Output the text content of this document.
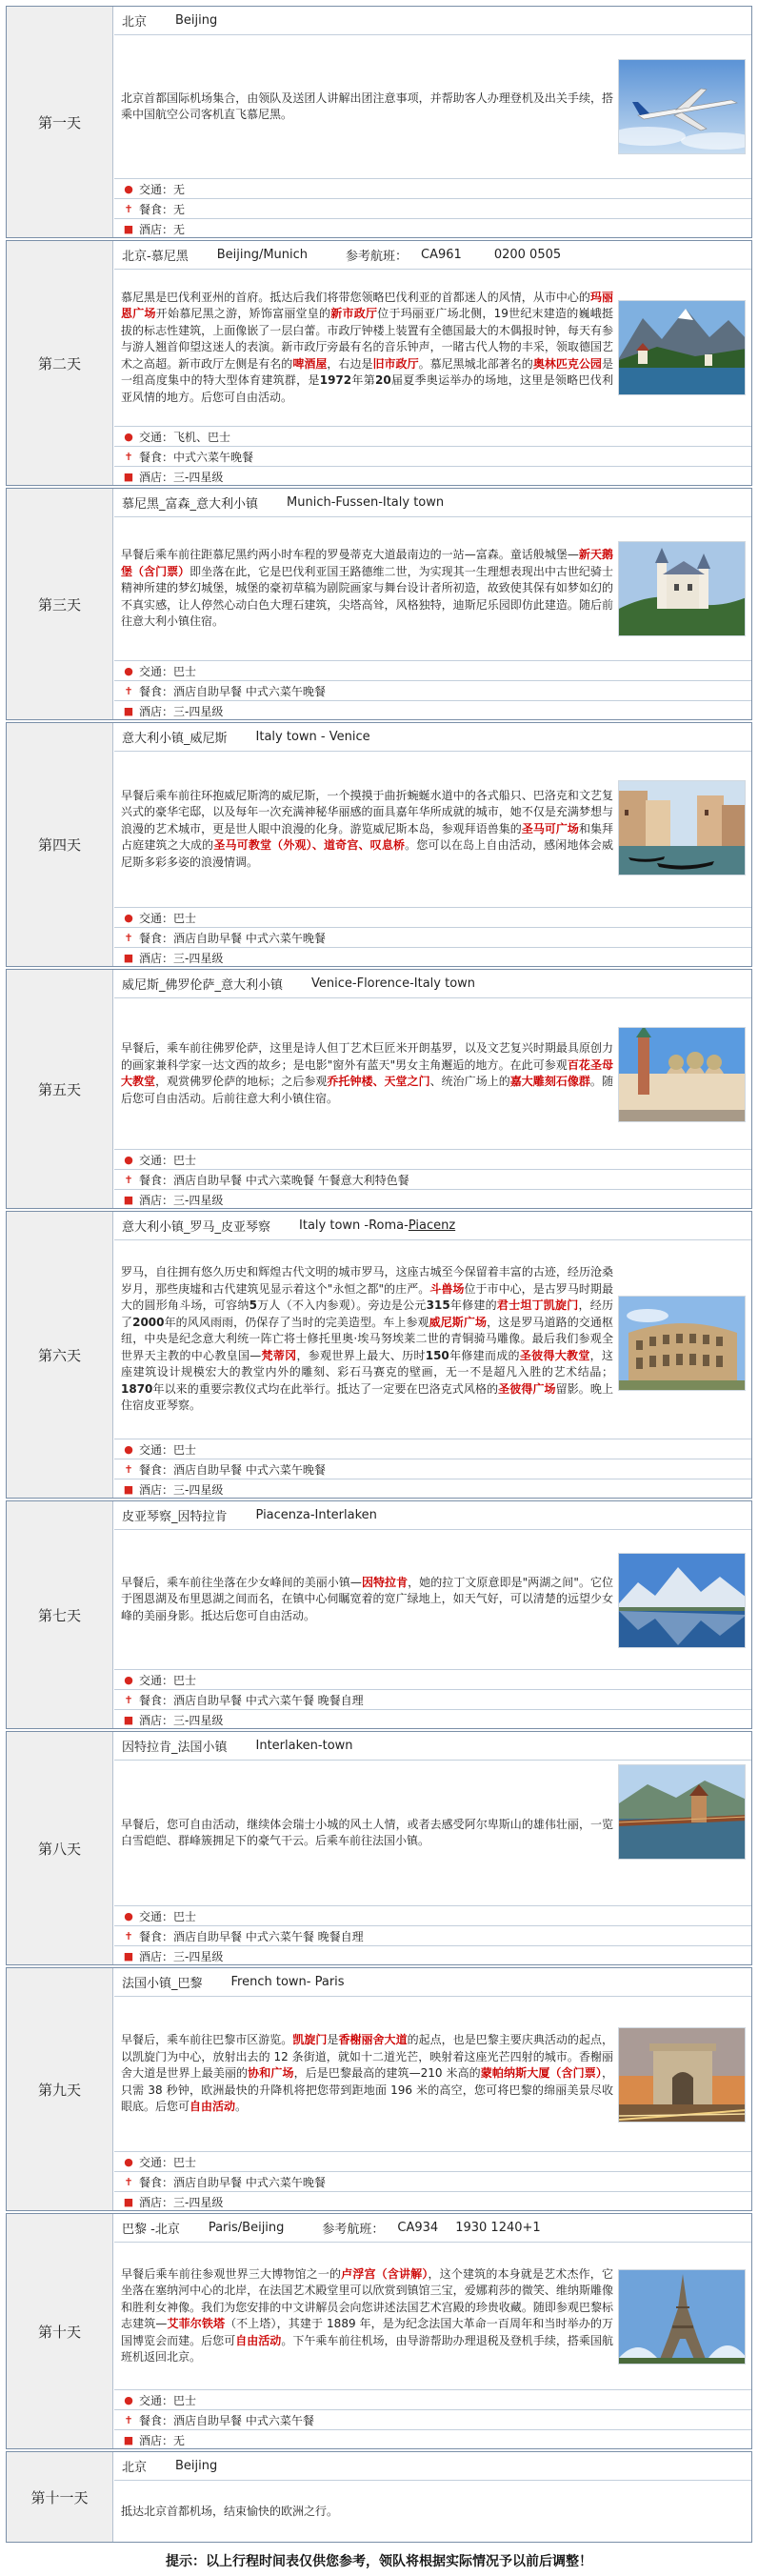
第一天
北京 Beijing

北京首都国际机场集合，由领队及送团人讲解出团注意事项，并帮助客人办理登机及出关手续，搭乘中国航空公司客机直飞慕尼黑。

● 交通：无
✝ 餐食：无
■ 酒店：无
第二天
北京-慕尼黑 Beijing/Munich	参考航班： CA961	0200 0505

慕尼黑是巴伐利亚州的首府。抵达后我们将带您领略巴伐利亚的首都迷人的风情，从市中心的玛丽恩广场开始慕尼黑之游，矫饰富丽堂皇的新市政厅位于玛丽亚广场北侧，19世纪末建造的巍峨挺拔的标志性建筑，上面像嵌了一层白蕾。市政厅钟楼上装置有全德国最大的木偶报时钟，每天有参与游人翘首仰望这迷人的表演。新市政厅旁最有名的音乐钟声，一睹古代人物的丰采，领取德国艺术之高超。新市政厅左侧是有名的啤酒屋，右边是旧市政厅。慕尼黑城北部著名的奥林匹克公园是一组高度集中的特大型体育建筑群，是1972年第20届夏季奥运举办的场地，这里是领略巴伐利亚风情的地方。后您可自由活动。

● 交通：飞机、巴士
✝ 餐食：中式六菜午晚餐
■ 酒店：三-四星级
第三天
慕尼黑_富森_意大利小镇 Munich-Fussen-Italy town

早餐后乘车前往距慕尼黑约两小时车程的罗曼蒂克大道最南边的一站—富森。童话般城堡—新天鹅堡（含门票）即坐落在此，它是巴伐利亚国王路德维二世，为实现其一生理想表现出中古世纪骑士精神所建的梦幻城堡，城堡的豪初草稿为剧院画家与舞台设计者所初造，故致使其保有如梦如幻的不真实感，让人停然心动白色大理石建筑，尖塔高耸，风格独特，迪斯尼乐园即仿此建造。随后前往意大利小镇住宿。

● 交通：巴士
✝ 餐食：酒店自助早餐 中式六菜午晚餐
■ 酒店：三-四星级
第四天
意大利小镇_威尼斯 Italy town - Venice

早餐后乘车前往环抱威尼斯湾的威尼斯，一个摸摸于曲折蜿蜒水道中的各式船只、巴洛克和文艺复兴式的豪华宅邸，以及每年一次充满神秘华丽感的面具嘉年华所成就的城市，她不仅是充满梦想与浪漫的艺术城市，更是世人眼中浪漫的化身。游览威尼斯本岛，参观拜语兽集的圣马可广场和集拜占庭建筑之大成的圣马可教堂（外观）、道奇宫、叹息桥。您可以在岛上自由活动，感闲地体会威尼斯多彩多姿的浪漫情调。

● 交通：巴士
✝ 餐食：酒店自助早餐 中式六菜午晚餐
■ 酒店：三-四星级
第五天
威尼斯_佛罗伦萨_意大利小镇 Venice-Florence-Italy town

早餐后，乘车前往佛罗伦萨，这里是诗人但丁艺术巨匠米开朗基罗，以及文艺复兴时期最具原创力的画家兼科学家一达文西的故乡；是电影"窗外有蓝天"男女主角邂逅的地方。在此可参观百花圣母大教堂，观赏佛罗伦萨的地标；之后参观乔托钟楼、天堂之门、统治广场上的嘉大雕刻石像群。随后您可自由活动。后前往意大利小镇住宿。

● 交通：巴士
✝ 餐食：酒店自助早餐 中式六菜晚餐 午餐意大利特色餐
■ 酒店：三-四星级
第六天
意大利小镇_罗马_皮亚琴察 Italy town -Roma- Piacenz

罗马，自往拥有悠久历史和辉煌古代文明的城市罗马，这座古城至今保留着丰富的古迹，经历沧桑岁月，那些庚墟和古代建筑见显示着这个"永恒之都"的庄严。斗兽场位于市中心，是古罗马时期最大的圆形角斗场，可容纳5万人（不入内参观）。旁边是公元315年修建的君士坦丁凯旋门，经历了2000年的风风雨雨，仍保存了当时的完美造型。车上参观威尼斯广场，这是罗马道路的交通枢纽，中央是纪念意大利统一阵亡将士修托里奥·埃马努埃莱二世的青铜骑马雕像。最后我们参观全世界天主教的中心教皇国—梵蒂冈，参观世界上最大、历时150年修建而成的圣彼得大教堂，这座建筑设计规模宏大的教堂内外的雕刻、彩石马赛克的壁画，无一不是超凡入胜的艺术结晶；1870年以来的重要宗教仪式均在此举行。抵达了一定要在巴洛克式风格的圣彼得广场留影。晚上住宿皮亚琴察。

● 交通：巴士
✝ 餐食：酒店自助早餐 中式六菜午晚餐
■ 酒店：三-四星级
第七天
皮亚琴察_因特拉肯 Piacenza-Interlaken

早餐后，乘车前往坐落在少女峰间的美丽小镇—因特拉肯，她的拉丁文原意即是"两湖之间"。它位于图恩湖及布里恩湖之间而名，在镇中心伺瞩宽着的宽广绿地上，如天气好，可以清楚的远望少女峰的美丽身影。抵达后您可自由活动。

● 交通：巴士
✝ 餐食：酒店自助早餐 中式六菜午餐 晚餐自理
■ 酒店：三-四星级
第八天
因特拉肯_法国小镇 Interlaken-town

早餐后，您可自由活动，继续体会瑞士小城的风土人情，或者去感受阿尔卑斯山的雄伟壮丽，一览白雪皑皑、群峰簇拥足下的豪气干云。后乘车前往法国小镇。

● 交通：巴士
✝ 餐食：酒店自助早餐 中式六菜午餐 晚餐自理
■ 酒店：三-四星级
第九天
法国小镇_巴黎 French town- Paris

早餐后，乘车前往巴黎市区游览。凯旋门是香榭丽舍大道的起点，也是巴黎主要庆典活动的起点，以凯旋门为中心，放射出去的 12 条街道，就如十二道光芒，映射着这座光芒四射的城市。香榭丽舍大道是世界上最美丽的协和广场，后是巴黎最高的建筑—210 米高的蒙帕纳斯大厦（含门票），只需 38 秒钟，欧洲最快的升降机将把您带到距地面 196 米的高空，您可将巴黎的绵丽美景尽收眼底。后您可自由活动。

● 交通：巴士
✝ 餐食：酒店自助早餐 中式六菜午晚餐
■ 酒店：三-四星级
第十天
巴黎 -北京 Paris/Beijing	参考航班： CA934 1930 1240+1

早餐后乘车前往参观世界三大博物馆之一的卢浮宫（含讲解），这个建筑的本身就是艺术杰作，它坐落在塞纳河中心的北岸，在法国艺术殿堂里可以欣赏到镇馆三宝，爱娜莉莎的微笑、维纳斯雕像和胜利女神像。我们为您安排的中文讲解员会向您讲述法国艺术宫殿的珍贵收藏。随即参观巴黎标志建筑—艾菲尔铁塔（不上塔），其建于 1889 年，是为纪念法国大革命一百周年和当时举办的万国博览会而建。后您可自由活动。下午乘车前往机场，由导游帮助办理退税及登机手续，搭乘国航班机返回北京。

● 交通：巴士
✝ 餐食：酒店自助早餐 中式六菜午餐
■ 酒店：无
第十一天
北京 Beijing

抵达北京首都机场，结束愉快的欧洲之行。

提示：以上行程时间表仅供您参考，领队将根据实际情况予以前后调整！
